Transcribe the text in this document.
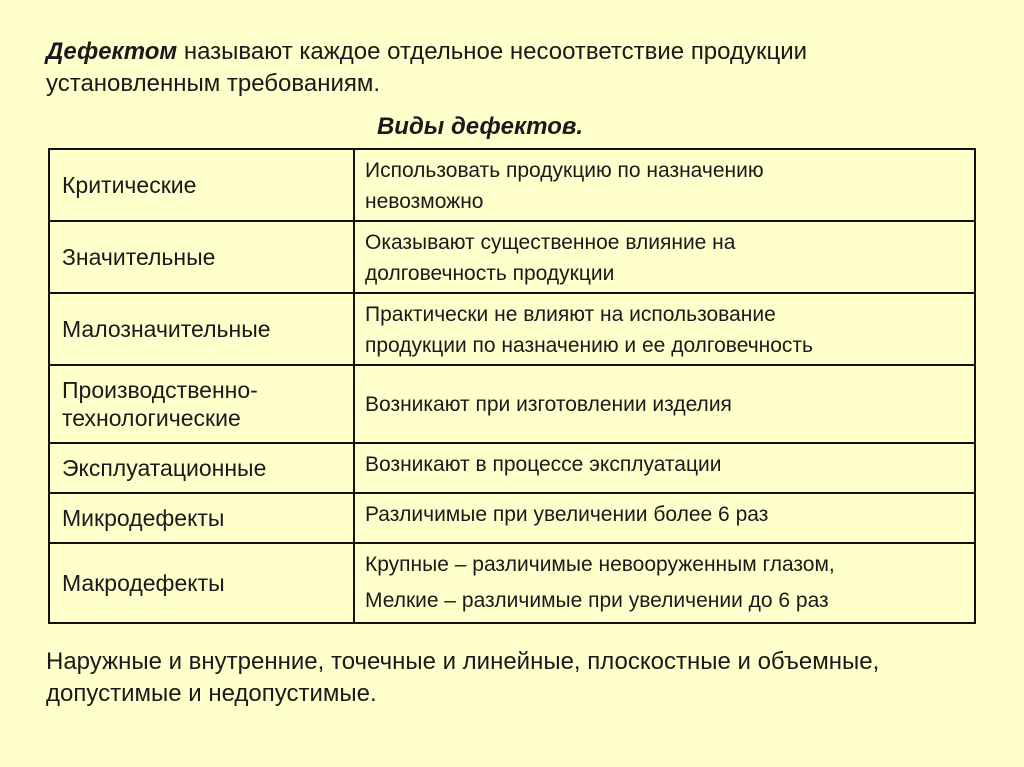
Дефектом называют каждое отдельное несоответствие продукции установленным требованиям.

Виды дефектов.

Критические	Использовать продукцию по назначению
невозможно

Значительные	Оказывают существенное влияние на
долговечность продукции

Малозначительные	Практически не влияют на использование
продукции по назначению и ее долговечность

Производственно-технологические	Возникают при изготовлении изделия

Эксплуатационные	Возникают в процессе эксплуатации

Микродефекты	Различимые при увеличении более 6 раз

Макродефекты	Крупные – различимые невооруженным глазом,
Мелкие – различимые при увеличении до 6 раз

Наружные и внутренние, точечные и линейные, плоскостные и объемные, допустимые и недопустимые.
